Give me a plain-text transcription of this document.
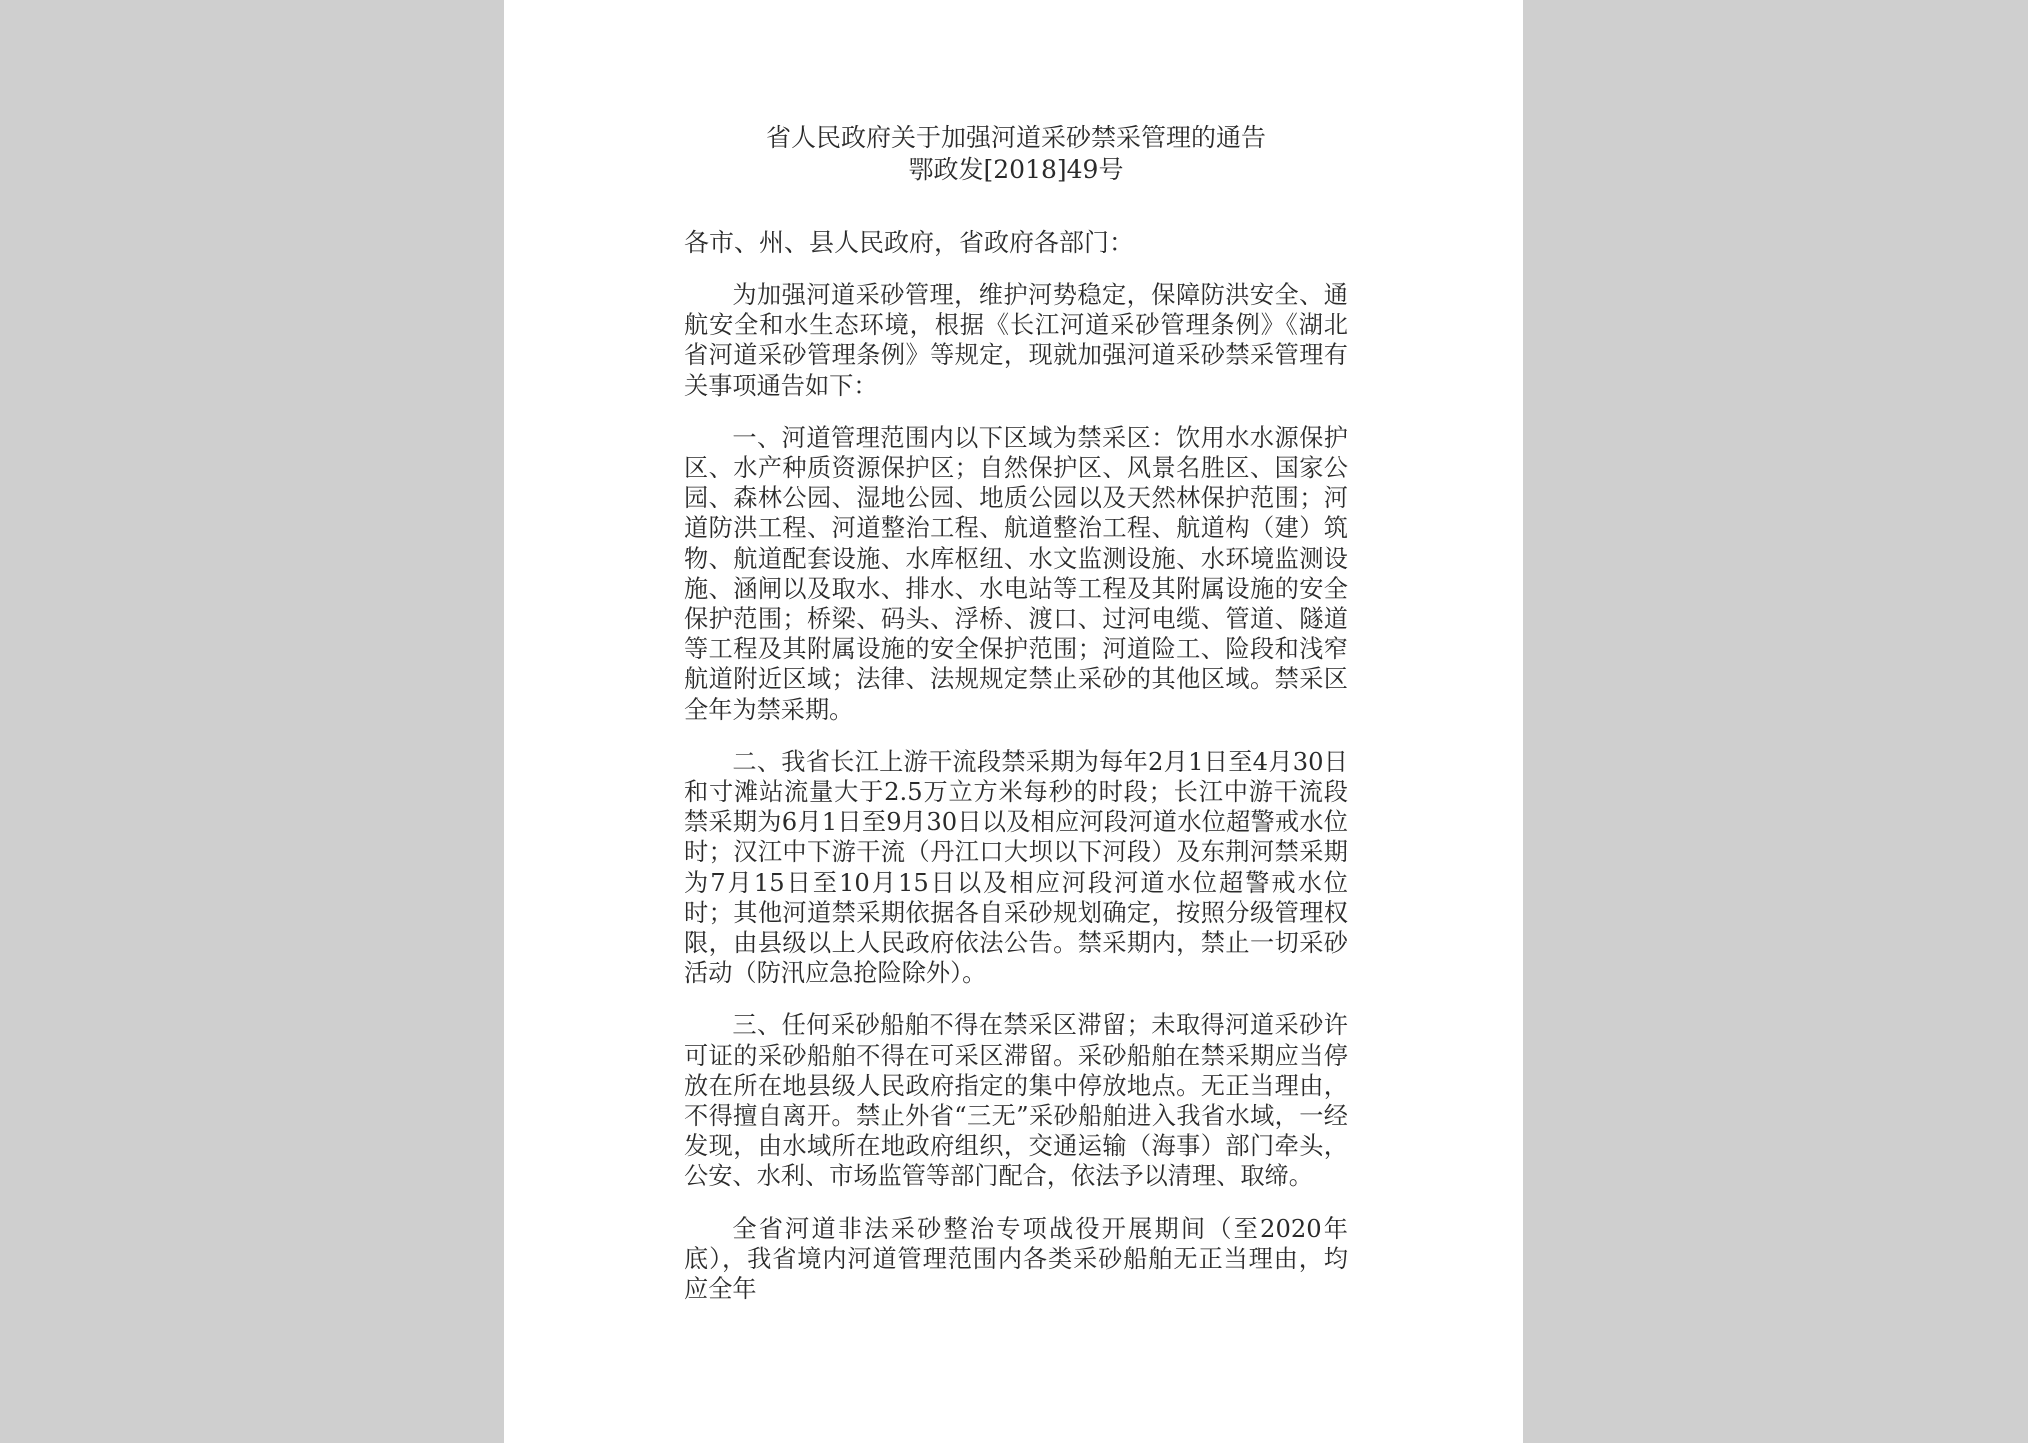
省人民政府关于加强河道采砂禁采管理的通告
鄂政发[2018]49号

各市、州、县人民政府，省政府各部门：

为加强河道采砂管理，维护河势稳定，保障防洪安全、通航安全和水生态环境，根据《长江河道采砂管理条例》《湖北省河道采砂管理条例》等规定，现就加强河道采砂禁采管理有关事项通告如下：

一、河道管理范围内以下区域为禁采区：饮用水水源保护区、水产种质资源保护区；自然保护区、风景名胜区、国家公园、森林公园、湿地公园、地质公园以及天然林保护范围；河道防洪工程、河道整治工程、航道整治工程、航道构（建）筑物、航道配套设施、水库枢纽、水文监测设施、水环境监测设施、涵闸以及取水、排水、水电站等工程及其附属设施的安全保护范围；桥梁、码头、浮桥、渡口、过河电缆、管道、隧道等工程及其附属设施的安全保护范围；河道险工、险段和浅窄航道附近区域；法律、法规规定禁止采砂的其他区域。禁采区全年为禁采期。

二、我省长江上游干流段禁采期为每年2月1日至4月30日和寸滩站流量大于2.5万立方米每秒的时段；长江中游干流段禁采期为6月1日至9月30日以及相应河段河道水位超警戒水位时；汉江中下游干流（丹江口大坝以下河段）及东荆河禁采期为7月15日至10月15日以及相应河段河道水位超警戒水位时；其他河道禁采期依据各自采砂规划确定，按照分级管理权限，由县级以上人民政府依法公告。禁采期内，禁止一切采砂活动（防汛应急抢险除外）。

三、任何采砂船舶不得在禁采区滞留；未取得河道采砂许可证的采砂船舶不得在可采区滞留。采砂船舶在禁采期应当停放在所在地县级人民政府指定的集中停放地点。无正当理由，不得擅自离开。禁止外省“三无”采砂船舶进入我省水域，一经发现，由水域所在地政府组织，交通运输（海事）部门牵头，公安、水利、市场监管等部门配合，依法予以清理、取缔。

全省河道非法采砂整治专项战役开展期间（至2020年底），我省境内河道管理范围内各类采砂船舶无正当理由，均应全年
